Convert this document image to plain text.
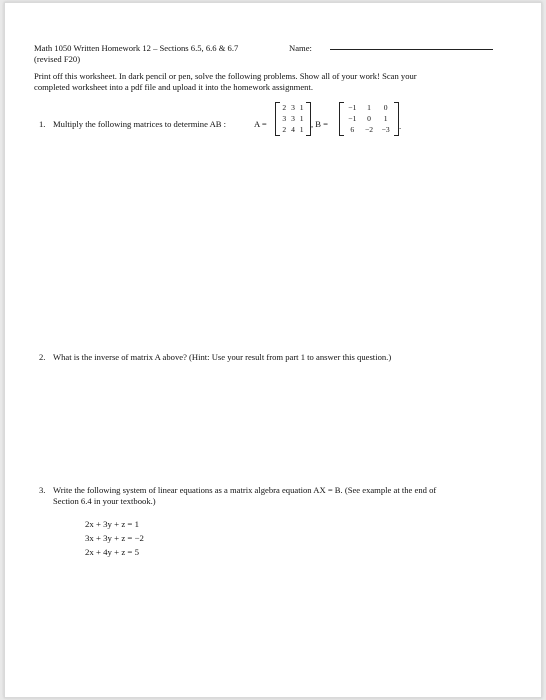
Math 1050 Written Homework 12 – Sections 6.5, 6.6 & 6.7	Name:
(revised F20)
Print off this worksheet. In dark pencil or pen, solve the following problems. Show all of your work! Scan your
completed worksheet into a pdf file and upload it into the homework assignment.
1. Multiply the following matrices to determine AB :	A =
2 3 1
3 3 1
2 4 1
, B =
−1	1	0
−1	0	1
6	−2	−3	.
2. What is the inverse of matrix A above? (Hint: Use your result from part 1 to answer this question.)
3. Write the following system of linear equations as a matrix algebra equation AX = B. (See example at the end of
Section 6.4 in your textbook.)
2x + 3y + z = 1
3x + 3y + z = −2
2x + 4y + z = 5
